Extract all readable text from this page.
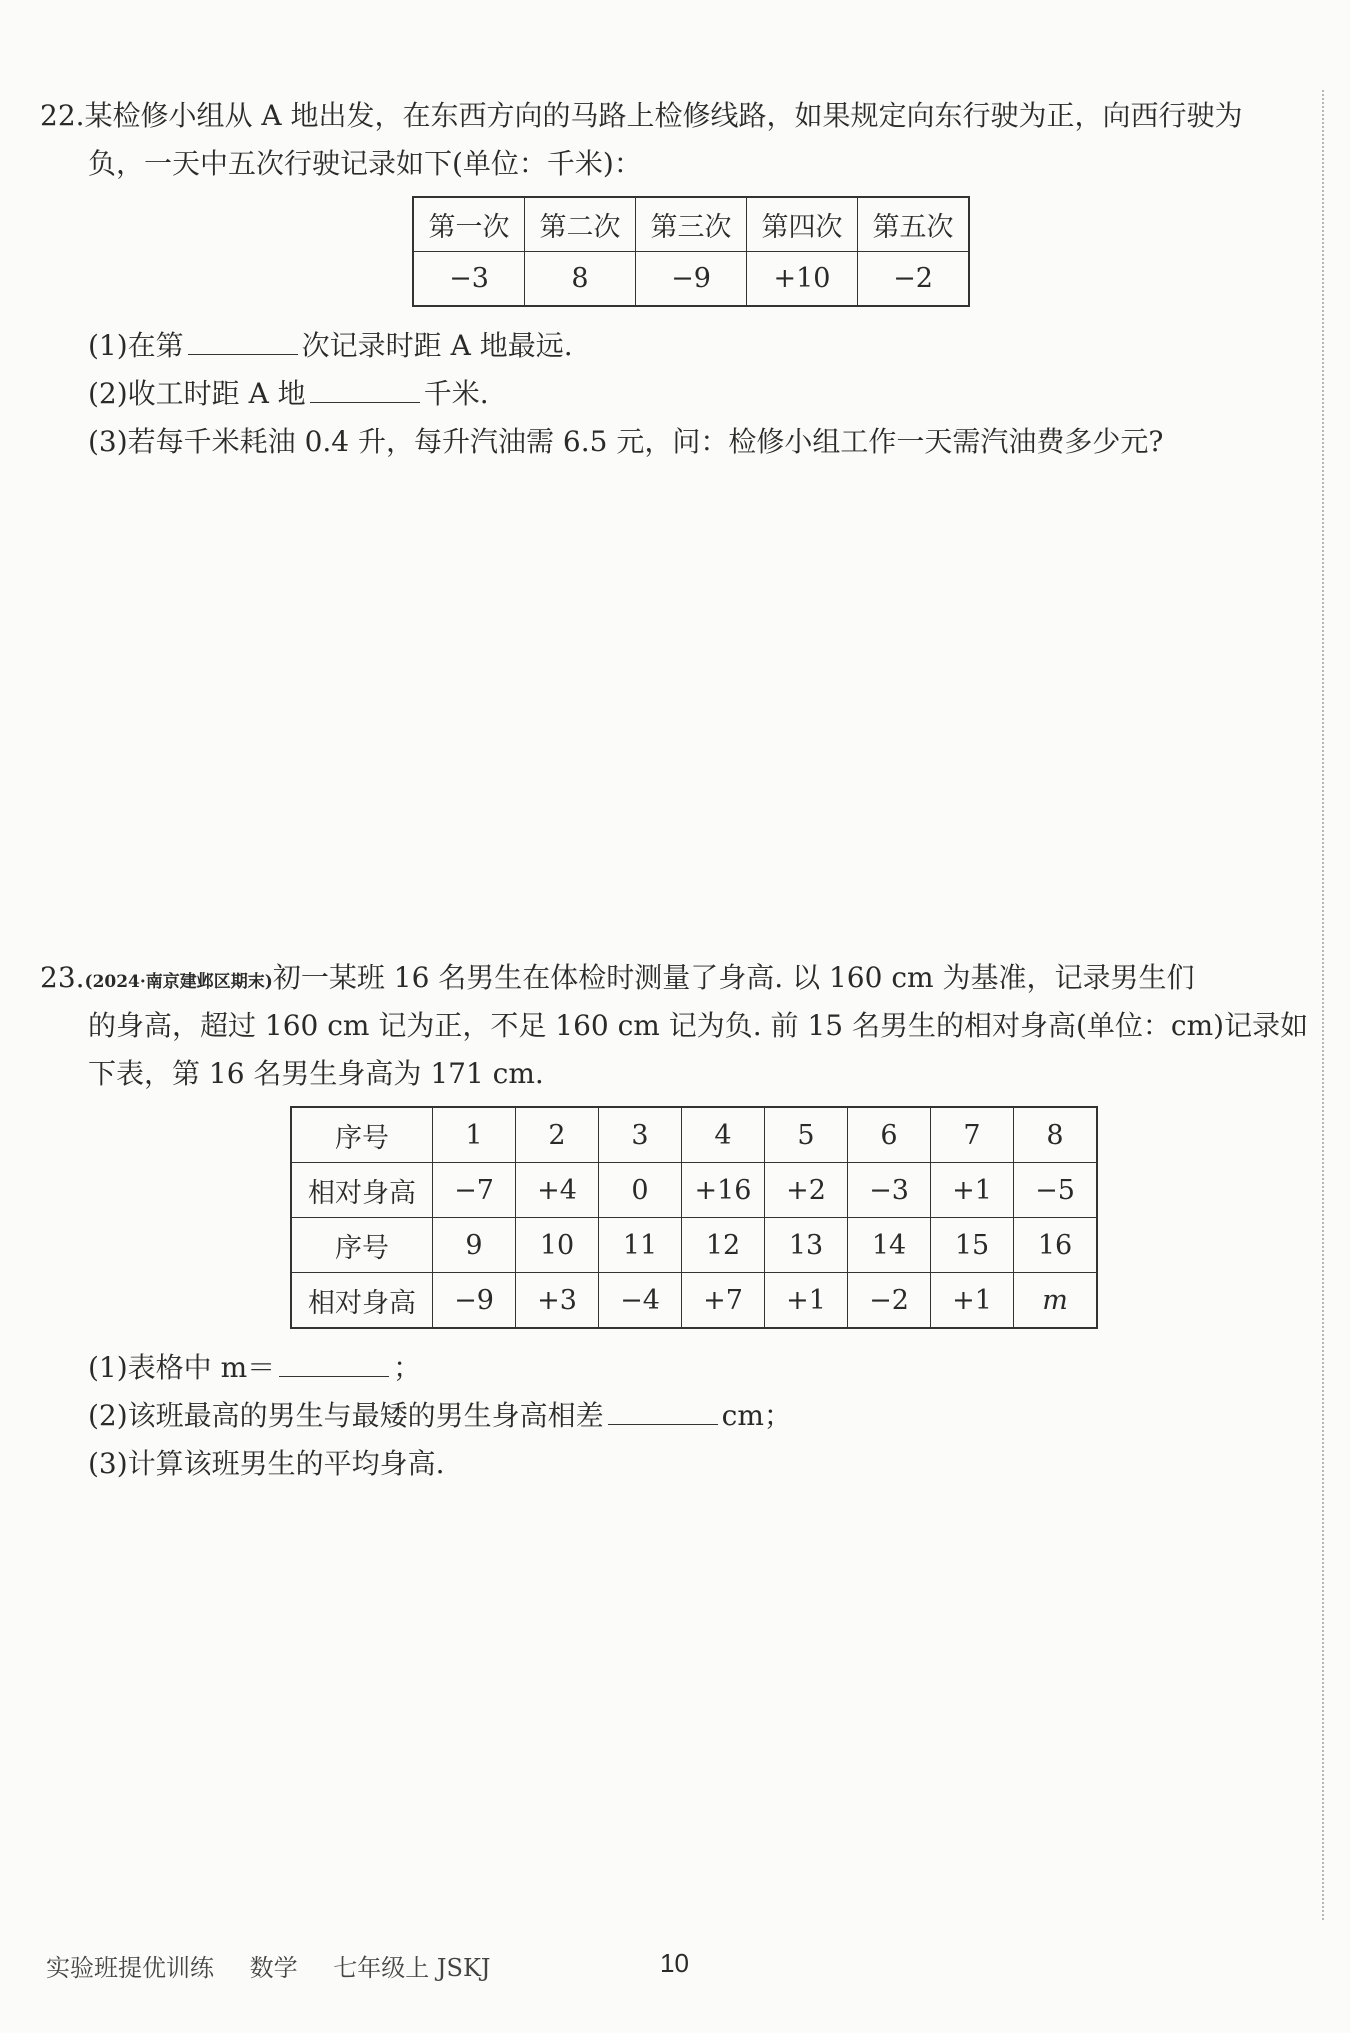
22.某检修小组从 A 地出发，在东西方向的马路上检修线路，如果规定向东行驶为正，向西行驶为
负，一天中五次行驶记录如下(单位：千米)：
第一次	第二次	第三次	第四次	第五次
−3	8	−9	+10	−2
(1)在第	次记录时距 A 地最远.
(2)收工时距 A 地	千米.
(3)若每千米耗油 0.4 升，每升汽油需 6.5 元，问：检修小组工作一天需汽油费多少元?
23.(2024·南京建邺区期末)初一某班 16 名男生在体检时测量了身高. 以 160 cm 为基准，记录男生们
的身高，超过 160 cm 记为正，不足 160 cm 记为负. 前 15 名男生的相对身高(单位：cm)记录如
下表，第 16 名男生身高为 171 cm.
序号	1	2	3	4	5	6	7	8
相对身高	−7	+4	0	+16	+2	−3	+1	−5
序号	9	10	11	12	13	14	15	16
相对身高	−9	+3	−4	+7	+1	−2	+1	m
(1)表格中 m＝	；
(2)该班最高的男生与最矮的男生身高相差	cm；
(3)计算该班男生的平均身高.
实验班提优训练 数学 七年级上 JSKJ	10
